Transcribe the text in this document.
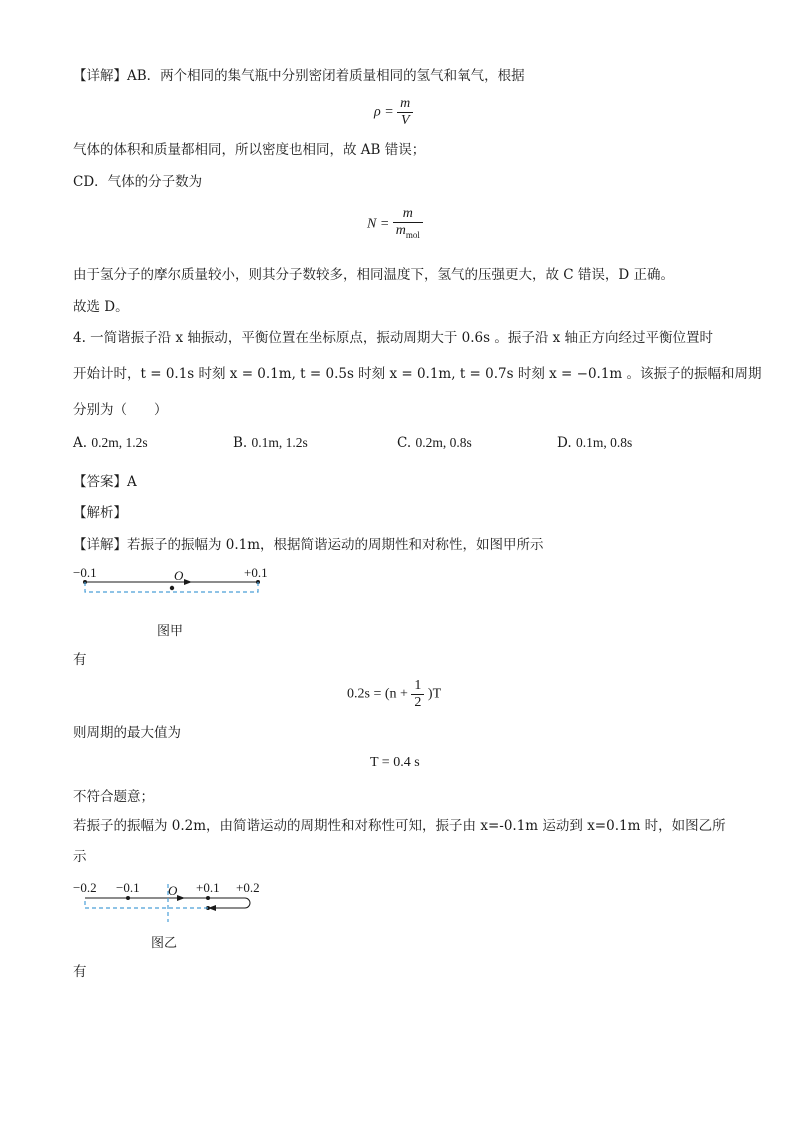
【详解】AB．两个相同的集气瓶中分别密闭着质量相同的氢气和氧气，根据
$\rho = \frac{m}{V}$
气体的体积和质量都相同，所以密度也相同，故 AB 错误；
CD．气体的分子数为
$N = \frac{m}{m_{mol}}$
由于氢分子的摩尔质量较小，则其分子数较多，相同温度下，氢气的压强更大，故 C 错误，D 正确。
故选 D。
4. 一简谐振子沿 x 轴振动，平衡位置在坐标原点，振动周期大于 0.6s 。振子沿 x 轴正方向经过平衡位置时
开始计时，t = 0.1s 时刻 x = 0.1m, t = 0.5s 时刻 x = 0.1m, t = 0.7s 时刻 x = −0.1m 。该振子的振幅和周期
分别为（　　）
A. 0.2m, 1.2s	B. 0.1m, 1.2s	C. 0.2m, 0.8s	D. 0.1m, 0.8s
【答案】A
【解析】
【详解】若振子的振幅为 0.1m，根据简谐运动的周期性和对称性，如图甲所示
−0.1	O	+0.1
图甲
有
$0.2s = (n + \frac{1}{2} )T$
则周期的最大值为
T = 0.4 s
不符合题意；
若振子的振幅为 0.2m，由简谐运动的周期性和对称性可知，振子由 x=-0.1m 运动到 x=0.1m 时，如图乙所
示
−0.2 −0.1 O +0.1 +0.2
图乙
有
